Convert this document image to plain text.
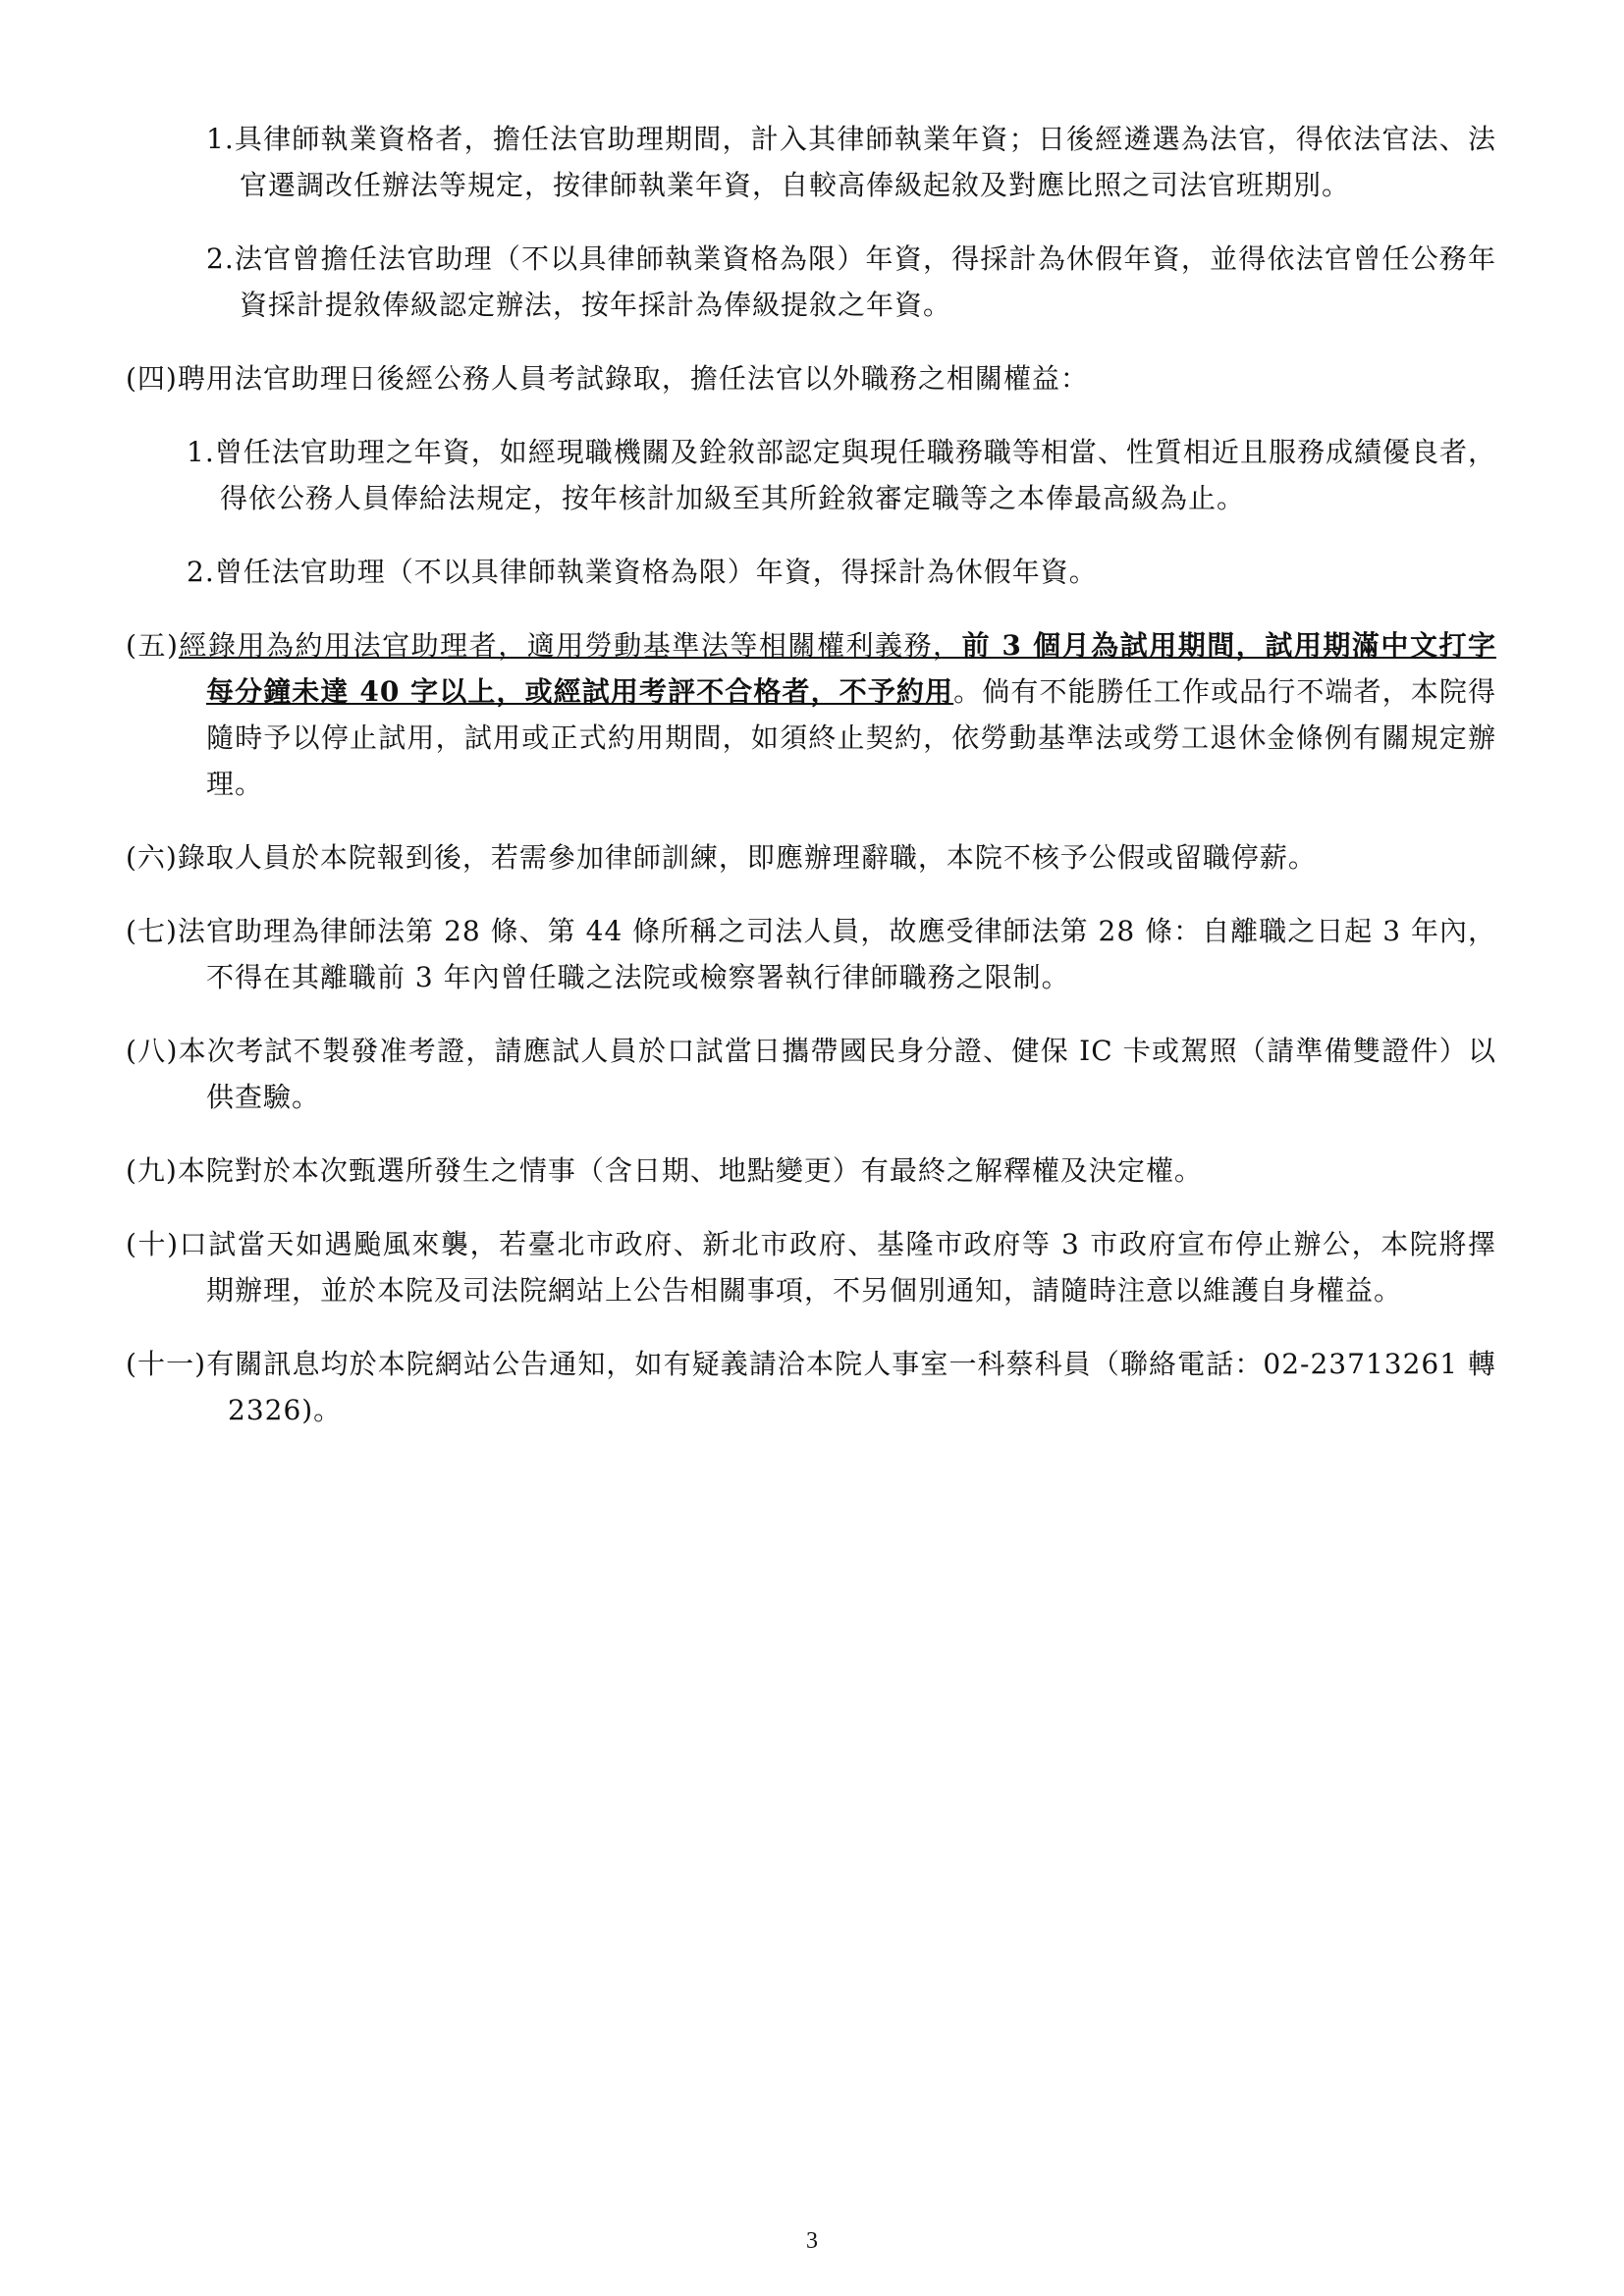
1.具律師執業資格者，擔任法官助理期間，計入其律師執業年資；日後經遴選為法官，得依法官法、法官遷調改任辦法等規定，按律師執業年資，自較高俸級起敘及對應比照之司法官班期別。

2.法官曾擔任法官助理（不以具律師執業資格為限）年資，得採計為休假年資，並得依法官曾任公務年資採計提敘俸級認定辦法，按年採計為俸級提敘之年資。

(四)聘用法官助理日後經公務人員考試錄取，擔任法官以外職務之相關權益：

1.曾任法官助理之年資，如經現職機關及銓敘部認定與現任職務職等相當、性質相近且服務成績優良者，得依公務人員俸給法規定，按年核計加級至其所銓敘審定職等之本俸最高級為止。

2.曾任法官助理（不以具律師執業資格為限）年資，得採計為休假年資。

(五)經錄用為約用法官助理者，適用勞動基準法等相關權利義務，前 3 個月為試用期間，試用期滿中文打字每分鐘未達 40 字以上，或經試用考評不合格者，不予約用。倘有不能勝任工作或品行不端者，本院得隨時予以停止試用，試用或正式約用期間，如須終止契約，依勞動基準法或勞工退休金條例有關規定辦理。

(六)錄取人員於本院報到後，若需參加律師訓練，即應辦理辭職，本院不核予公假或留職停薪。

(七)法官助理為律師法第 28 條、第 44 條所稱之司法人員，故應受律師法第 28 條：自離職之日起 3 年內，不得在其離職前 3 年內曾任職之法院或檢察署執行律師職務之限制。

(八)本次考試不製發准考證，請應試人員於口試當日攜帶國民身分證、健保 IC 卡或駕照（請準備雙證件）以供查驗。

(九)本院對於本次甄選所發生之情事（含日期、地點變更）有最終之解釋權及決定權。

(十)口試當天如遇颱風來襲，若臺北市政府、新北市政府、基隆市政府等 3 市政府宣布停止辦公，本院將擇期辦理，並於本院及司法院網站上公告相關事項，不另個別通知，請隨時注意以維護自身權益。

(十一)有關訊息均於本院網站公告通知，如有疑義請洽本院人事室一科蔡科員（聯絡電話：02-23713261 轉 2326)。

3
